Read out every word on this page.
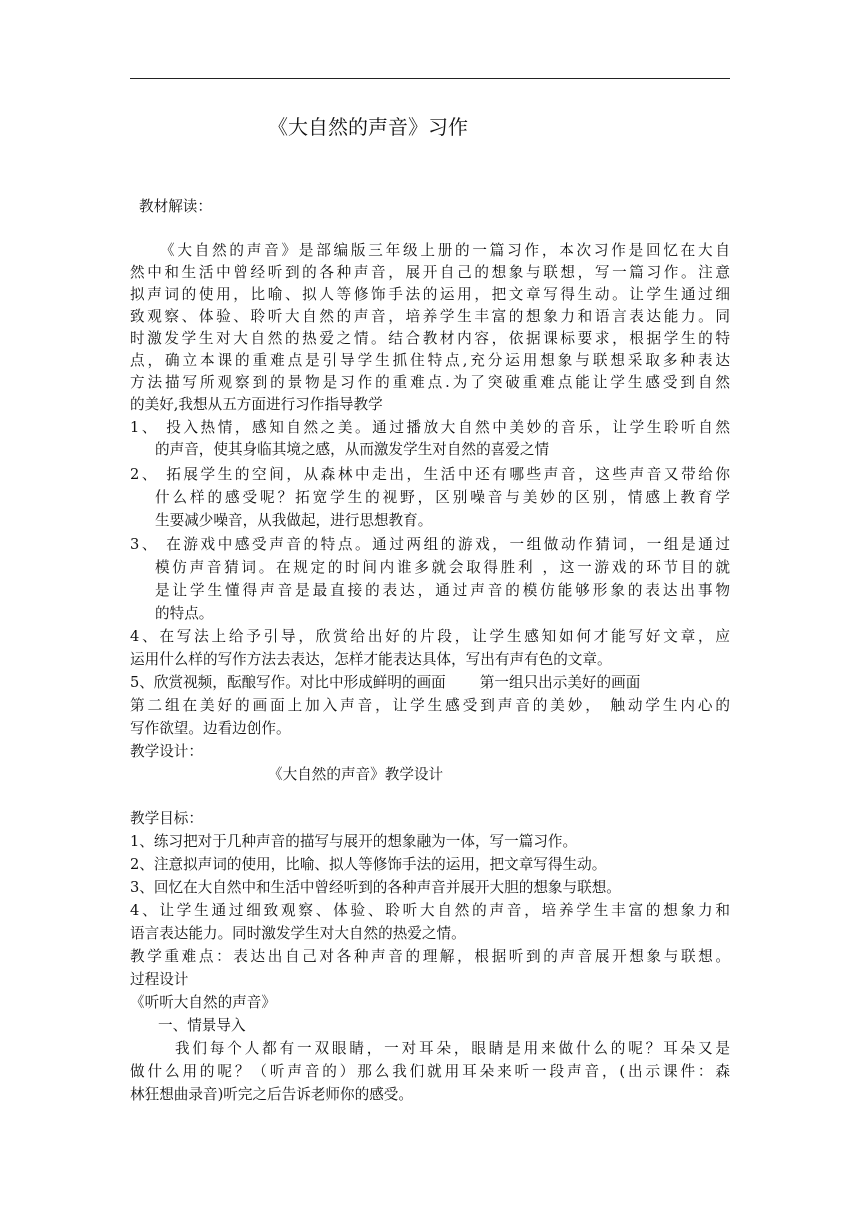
《大自然的声音》习作

教材解读：

《大自然的声音》是部编版三年级上册的一篇习作，本次习作是回忆在大自

然中和生活中曾经听到的各种声音，展开自己的想象与联想，写一篇习作。注意

拟声词的使用，比喻、拟人等修饰手法的运用，把文章写得生动。让学生通过细

致观察、体验、聆听大自然的声音，培养学生丰富的想象力和语言表达能力。同

时激发学生对大自然的热爱之情。结合教材内容，依据课标要求，根据学生的特

点，确立本课的重难点是引导学生抓住特点,充分运用想象与联想采取多种表达

方法描写所观察到的景物是习作的重难点.为了突破重难点能让学生感受到自然

的美好,我想从五方面进行习作指导教学

1、 投入热情，感知自然之美。通过播放大自然中美妙的音乐，让学生聆听自然

的声音，使其身临其境之感，从而激发学生对自然的喜爱之情

2、 拓展学生的空间，从森林中走出，生活中还有哪些声音，这些声音又带给你

什么样的感受呢？拓宽学生的视野，区别噪音与美妙的区别，情感上教育学

生要减少噪音，从我做起，进行思想教育。

3、 在游戏中感受声音的特点。通过两组的游戏，一组做动作猜词，一组是通过

模仿声音猜词。在规定的时间内谁多就会取得胜利 ，这一游戏的环节目的就

是让学生懂得声音是最直接的表达，通过声音的模仿能够形象的表达出事物

的特点。

4、在写法上给予引导，欣赏给出好的片段，让学生感知如何才能写好文章，应

运用什么样的写作方法去表达，怎样才能表达具体，写出有声有色的文章。

5、欣赏视频，酝酿写作。对比中形成鲜明的画面 第一组只出示美好的画面

第二组在美好的画面上加入声音，让学生感受到声音的美妙， 触动学生内心的

写作欲望。边看边创作。

教学设计：

《大自然的声音》教学设计

教学目标：

1、练习把对于几种声音的描写与展开的想象融为一体，写一篇习作。

2、注意拟声词的使用，比喻、拟人等修饰手法的运用，把文章写得生动。

3、回忆在大自然中和生活中曾经听到的各种声音并展开大胆的想象与联想。

4、让学生通过细致观察、体验、聆听大自然的声音，培养学生丰富的想象力和

语言表达能力。同时激发学生对大自然的热爱之情。

教学重难点：表达出自己对各种声音的理解，根据听到的声音展开想象与联想。

过程设计

《听听大自然的声音》

一、情景导入

我们每个人都有一双眼睛，一对耳朵，眼睛是用来做什么的呢？耳朵又是

做什么用的呢？（听声音的）那么我们就用耳朵来听一段声音，(出示课件：森

林狂想曲录音)听完之后告诉老师你的感受。
